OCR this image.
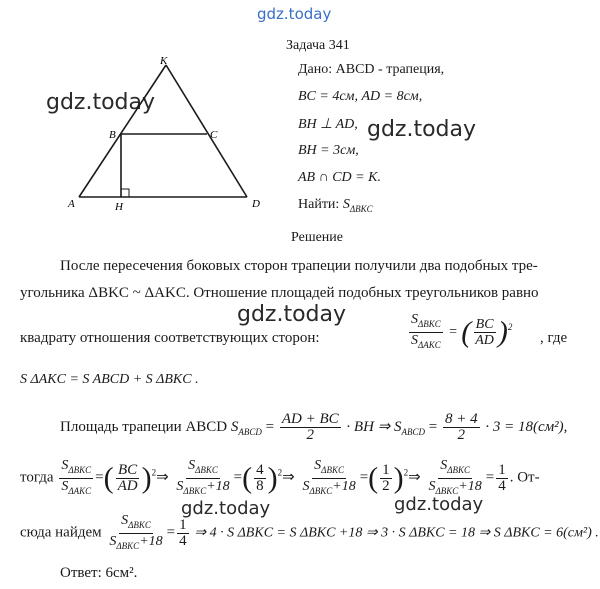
gdz.today
gdz.today
gdz.today
gdz.today
gdz.today	gdz.today
Задача 341
K
B	C
A	H	D
Дано: ABCD - трапеция,
BC = 4см, AD = 8см,
BH ⊥ AD,
BH = 3см,
AB ∩ CD = K.
Найти: $S_{\Delta BKC}$
Решение
После пересечения боковых сторон трапеции получили два подобных тре-
угольника ΔBKC ~ ΔAKC. Отношение площадей подобных треугольников равно
квадрату отношения соответствующих сторон:	$\frac{S_{\Delta BKC}}{S_{\Delta AKC}}$ = ( $\frac{BC}{AD} )^2$
, где
S ΔAKC = S ABCD + S ΔBKC .
Площадь трапеции ABCD $S_{ABCD} = \frac{AD + BC}{2}$ · BH ⇒ $S_{ABCD} = \frac{8 + 4}{2} \cdot 3 = 18(см^2)$,
тогда $\frac{S_{\Delta BKC}}{S_{\Delta AKC}}$ =( $\frac{BC}{AD}$ )$^2$⇒ $\frac{S_{\Delta BKC}}{S_{\Delta BKC}+18}$ =( $\frac{4}{8}$ )$^2$⇒ $\frac{S_{\Delta BKC}}{S_{\Delta BKC}+18}$ =( $\frac{1}{2}$ )$^2$⇒ $\frac{S_{\Delta BKC}}{S_{\Delta BKC}+18} = \frac{1}{4}$ . От-
сюда найдем $\frac{S_{\Delta BKC}}{S_{\Delta BKC}+18} = \frac{1}{4}$ ⇒ 4 · S ΔBKC = S ΔBKC +18 ⇒ 3 · S ΔBKC = 18 ⇒ S ΔBKC = 6(см²) .
Ответ: 6см².
